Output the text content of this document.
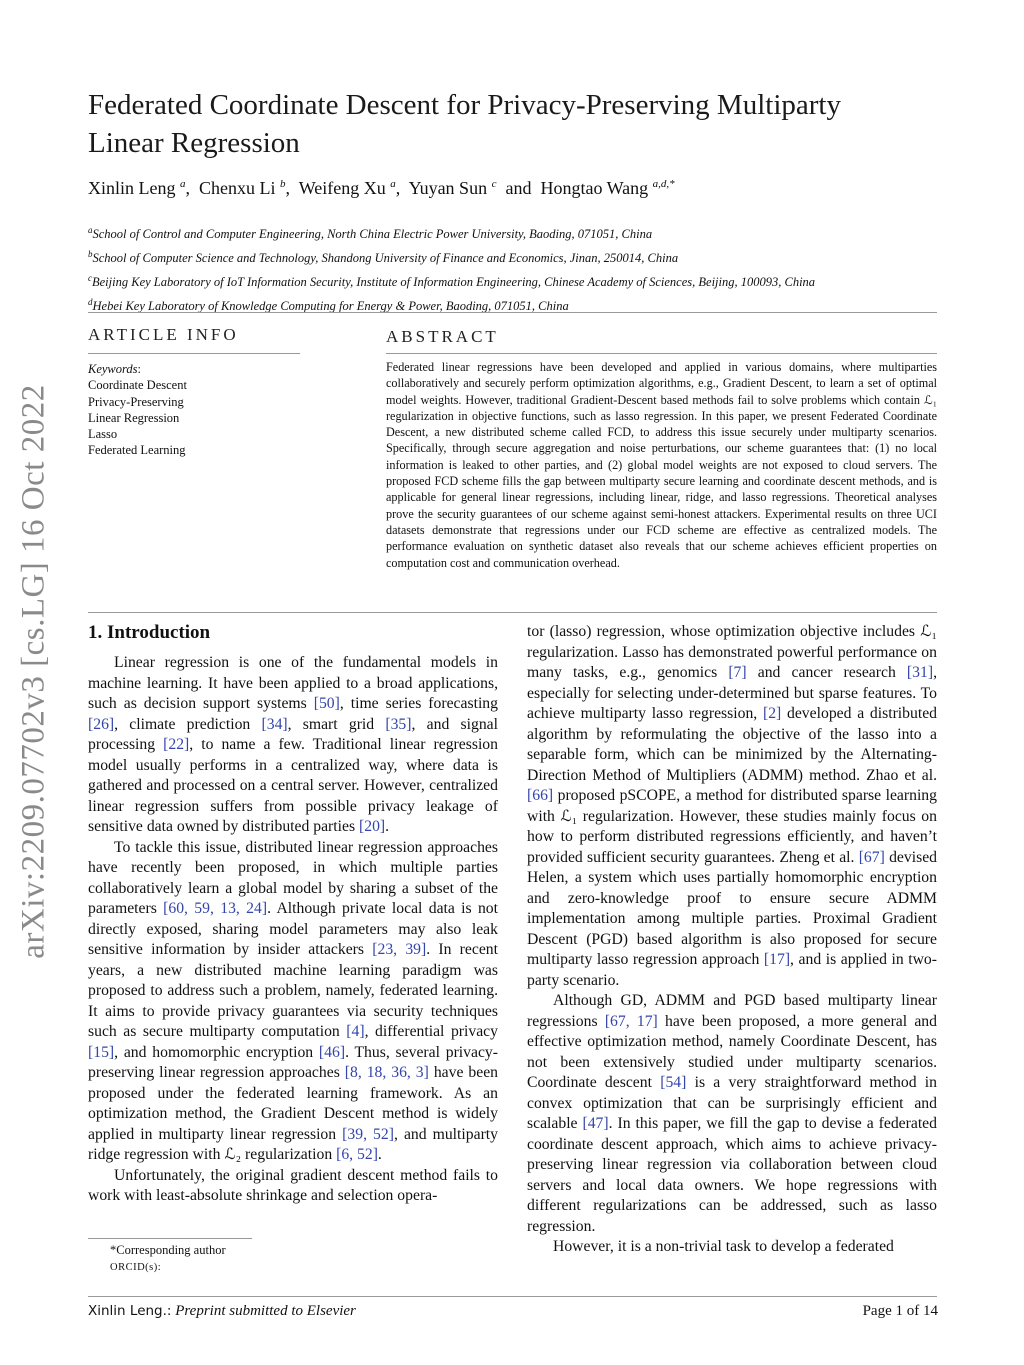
arXiv:2209.07702v3 [cs.LG] 16 Oct 2022
Federated Coordinate Descent for Privacy-Preserving Multiparty
Linear Regression
Xinlin Leng $^a$,  Chenxu Li $^b$,  Weifeng Xu $^a$,  Yuyan Sun $^c$ and Hongtao Wang $^{a,d,*}$
$^a$School of Control and Computer Engineering, North China Electric Power University, Baoding, 071051, China
$^b$School of Computer Science and Technology, Shandong University of Finance and Economics, Jinan, 250014, China
$^c$Beijing Key Laboratory of IoT Information Security, Institute of Information Engineering, Chinese Academy of Sciences, Beijing, 100093, China
$^d$Hebei Key Laboratory of Knowledge Computing for Energy & Power, Baoding, 071051, China
ARTICLE INFO
Keywords:
Coordinate Descent
Privacy-Preserving
Linear Regression
Lasso
Federated Learning
ABSTRACT
Federated linear regressions have been developed and applied in various domains, where multiparties collaboratively and securely perform optimization algorithms, e.g., Gradient Descent, to learn a set of optimal model weights. However, traditional Gradient-Descent based methods fail to solve problems which contain ℒ₁ regularization in objective functions, such as lasso regression. In this paper, we present Federated Coordinate Descent, a new distributed scheme called FCD, to address this issue securely under multiparty scenarios. Specifically, through secure aggregation and noise perturbations, our scheme guarantees that: (1) no local information is leaked to other parties, and (2) global model weights are not exposed to cloud servers. The proposed FCD scheme fills the gap between multiparty secure learning and coordinate descent methods, and is applicable for general linear regressions, including linear, ridge, and lasso regressions. Theoretical analyses prove the security guarantees of our scheme against semi-honest attackers. Experimental results on three UCI datasets demonstrate that regressions under our FCD scheme are effective as centralized models. The performance evaluation on synthetic dataset also reveals that our scheme achieves efficient properties on computation cost and communication overhead.
1. Introduction

Linear regression is one of the fundamental models in machine learning. It have been applied to a broad applications, such as decision support systems [50], time series forecasting [26], climate prediction [34], smart grid [35], and signal processing [22], to name a few. Traditional linear regression model usually performs in a centralized way, where data is gathered and processed on a central server. However, centralized linear regression suffers from possible privacy leakage of sensitive data owned by distributed parties [20].

To tackle this issue, distributed linear regression approaches have recently been proposed, in which multiple parties collaboratively learn a global model by sharing a subset of the parameters [60, 59, 13, 24]. Although private local data is not directly exposed, sharing model parameters may also leak sensitive information by insider attackers [23, 39]. In recent years, a new distributed machine learning paradigm was proposed to address such a problem, namely, federated learning. It aims to provide privacy guarantees via security techniques such as secure multiparty computation [4], differential privacy [15], and homomorphic encryption [46]. Thus, several privacy-preserving linear regression approaches [8, 18, 36, 3] have been proposed under the federated learning framework. As an optimization method, the Gradient Descent method is widely applied in multiparty linear regression [39, 52], and multiparty ridge regression with ℒ₂ regularization [6, 52].

Unfortunately, the original gradient descent method fails to work with least-absolute shrinkage and selection opera-

tor (lasso) regression, whose optimization objective includes ℒ₁ regularization. Lasso has demonstrated powerful performance on many tasks, e.g., genomics [7] and cancer research [31], especially for selecting under-determined but sparse features. To achieve multiparty lasso regression, [2] developed a distributed algorithm by reformulating the objective of the lasso into a separable form, which can be minimized by the Alternating-Direction Method of Multipliers (ADMM) method. Zhao et al. [66] proposed pSCOPE, a method for distributed sparse learning with ℒ₁ regularization. However, these studies mainly focus on how to perform distributed regressions efficiently, and haven’t provided sufficient security guarantees. Zheng et al. [67] devised Helen, a system which uses partially homomorphic encryption and zero-knowledge proof to ensure secure ADMM implementation among multiple parties. Proximal Gradient Descent (PGD) based algorithm is also proposed for secure multiparty lasso regression approach [17], and is applied in two-party scenario.

Although GD, ADMM and PGD based multiparty linear regressions [67, 17] have been proposed, a more general and effective optimization method, namely Coordinate Descent, has not been extensively studied under multiparty scenarios. Coordinate descent [54] is a very straightforward method in convex optimization that can be surprisingly efficient and scalable [47]. In this paper, we fill the gap to devise a federated coordinate descent approach, which aims to achieve privacy-preserving linear regression via collaboration between cloud servers and local data owners. We hope regressions with different regularizations can be addressed, such as lasso regression.

However, it is a non-trivial task to develop a federated

*Corresponding author
ORCID(s):
Xinlin Leng.: Preprint submitted to Elsevier	Page 1 of 14
